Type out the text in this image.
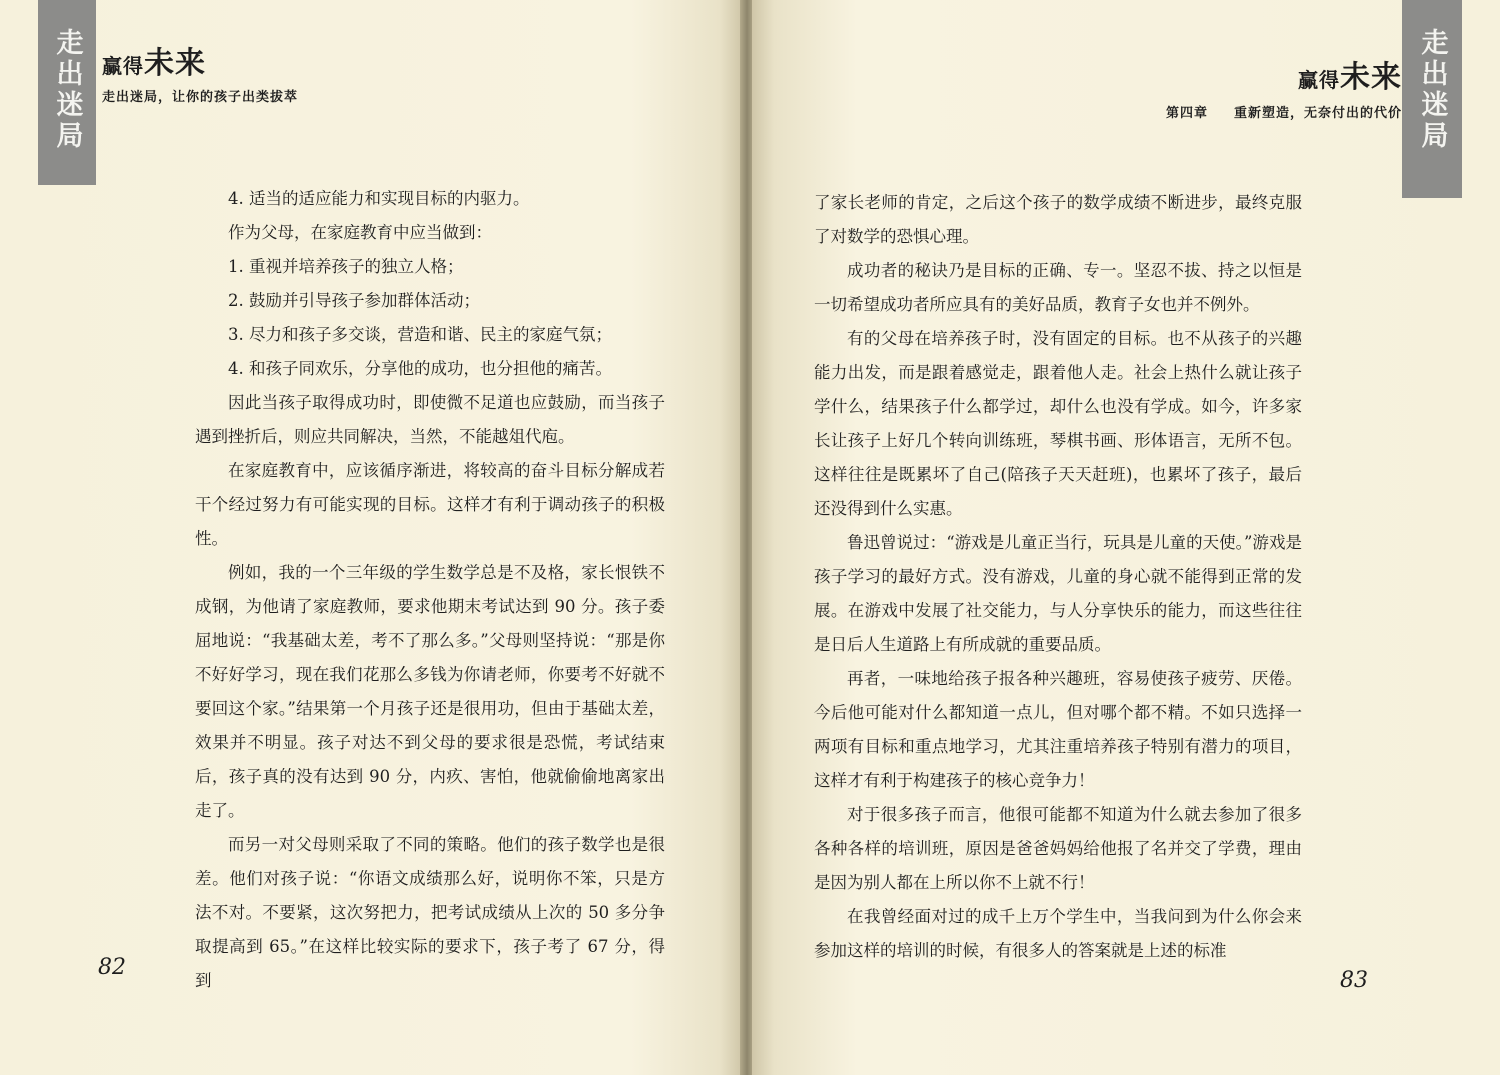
走出迷局 赢得未来
走出迷局，让你的孩子出类拔萃

4. 适当的适应能力和实现目标的内驱力。

作为父母，在家庭教育中应当做到：

1. 重视并培养孩子的独立人格；

2. 鼓励并引导孩子参加群体活动；

3. 尽力和孩子多交谈，营造和谐、民主的家庭气氛；

4. 和孩子同欢乐，分享他的成功，也分担他的痛苦。

因此当孩子取得成功时，即使微不足道也应鼓励，而当孩子遇到挫折后，则应共同解决，当然，不能越俎代庖。

在家庭教育中，应该循序渐进，将较高的奋斗目标分解成若干个经过努力有可能实现的目标。这样才有利于调动孩子的积极性。

例如，我的一个三年级的学生数学总是不及格，家长恨铁不成钢，为他请了家庭教师，要求他期末考试达到 90 分。孩子委屈地说：“我基础太差，考不了那么多。”父母则坚持说：“那是你不好好学习，现在我们花那么多钱为你请老师，你要考不好就不要回这个家。”结果第一个月孩子还是很用功，但由于基础太差，效果并不明显。孩子对达不到父母的要求很是恐慌，考试结束后，孩子真的没有达到 90 分，内疚、害怕，他就偷偷地离家出走了。

而另一对父母则采取了不同的策略。他们的孩子数学也是很差。他们对孩子说：“你语文成绩那么好，说明你不笨，只是方法不对。不要紧，这次努把力，把考试成绩从上次的 50 多分争取提高到 65。”在这样比较实际的要求下，孩子考了 67 分，得到

82
走出迷局
赢得未来
第四章 重新塑造，无奈付出的代价

了家长老师的肯定，之后这个孩子的数学成绩不断进步，最终克服了对数学的恐惧心理。

成功者的秘诀乃是目标的正确、专一。坚忍不拔、持之以恒是一切希望成功者所应具有的美好品质，教育子女也并不例外。

有的父母在培养孩子时，没有固定的目标。也不从孩子的兴趣能力出发，而是跟着感觉走，跟着他人走。社会上热什么就让孩子学什么，结果孩子什么都学过，却什么也没有学成。如今，许多家长让孩子上好几个转向训练班，琴棋书画、形体语言，无所不包。这样往往是既累坏了自己(陪孩子天天赶班)，也累坏了孩子，最后还没得到什么实惠。

鲁迅曾说过：“游戏是儿童正当行，玩具是儿童的天使。”游戏是孩子学习的最好方式。没有游戏，儿童的身心就不能得到正常的发展。在游戏中发展了社交能力，与人分享快乐的能力，而这些往往是日后人生道路上有所成就的重要品质。

再者，一味地给孩子报各种兴趣班，容易使孩子疲劳、厌倦。今后他可能对什么都知道一点儿，但对哪个都不精。不如只选择一两项有目标和重点地学习，尤其注重培养孩子特别有潜力的项目，这样才有利于构建孩子的核心竞争力！

对于很多孩子而言，他很可能都不知道为什么就去参加了很多各种各样的培训班，原因是爸爸妈妈给他报了名并交了学费，理由是因为别人都在上所以你不上就不行！

在我曾经面对过的成千上万个学生中，当我问到为什么你会来参加这样的培训的时候，有很多人的答案就是上述的标准

83
